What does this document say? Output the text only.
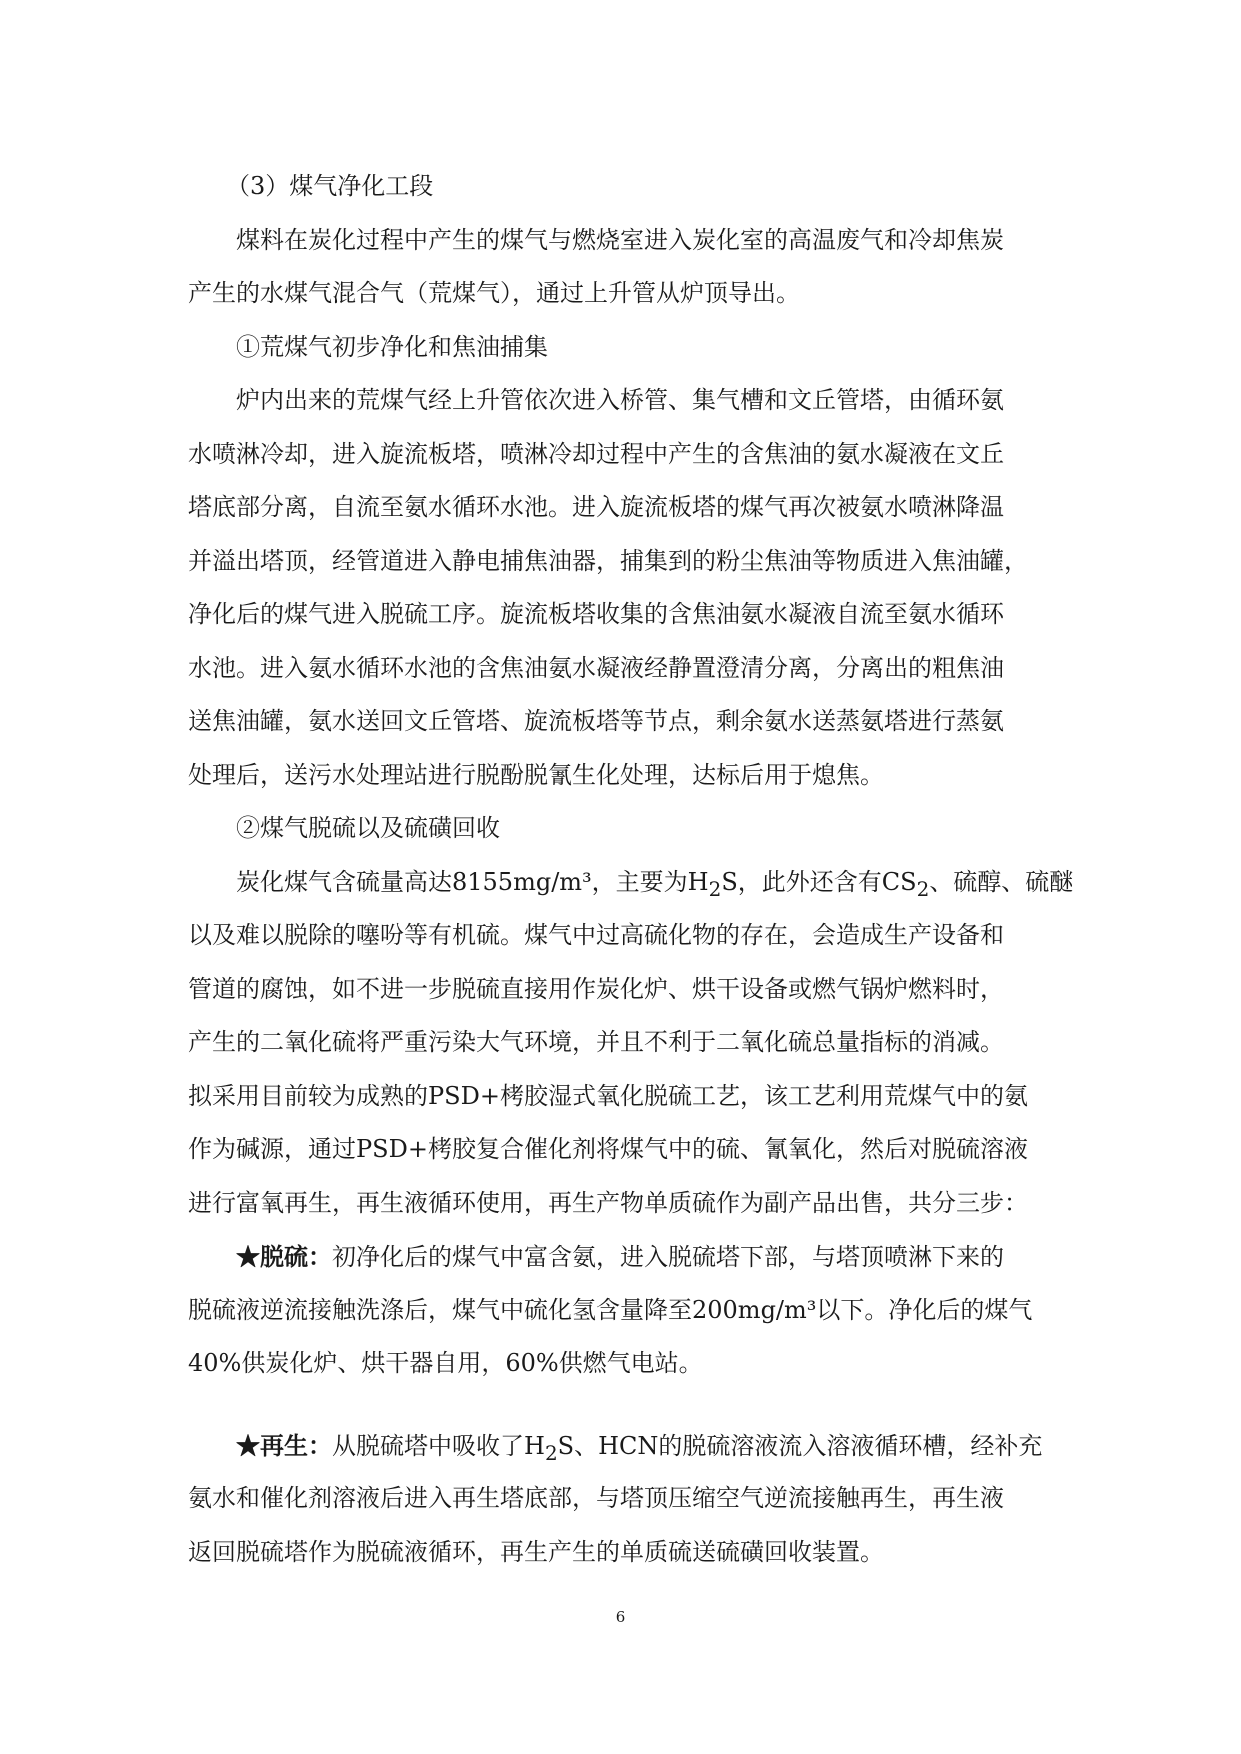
（3）煤气净化工段
煤料在炭化过程中产生的煤气与燃烧室进入炭化室的高温废气和冷却焦炭
产生的水煤气混合气（荒煤气），通过上升管从炉顶导出。
①荒煤气初步净化和焦油捕集
炉内出来的荒煤气经上升管依次进入桥管、集气槽和文丘管塔，由循环氨
水喷淋冷却，进入旋流板塔，喷淋冷却过程中产生的含焦油的氨水凝液在文丘
塔底部分离，自流至氨水循环水池。进入旋流板塔的煤气再次被氨水喷淋降温
并溢出塔顶，经管道进入静电捕焦油器，捕集到的粉尘焦油等物质进入焦油罐，
净化后的煤气进入脱硫工序。旋流板塔收集的含焦油氨水凝液自流至氨水循环
水池。进入氨水循环水池的含焦油氨水凝液经静置澄清分离，分离出的粗焦油
送焦油罐，氨水送回文丘管塔、旋流板塔等节点，剩余氨水送蒸氨塔进行蒸氨
处理后，送污水处理站进行脱酚脱氰生化处理，达标后用于熄焦。
②煤气脱硫以及硫磺回收
炭化煤气含硫量高达8155mg/m³，主要为$H_2S$，此外还含有$CS_2$、硫醇、硫醚
以及难以脱除的噻吩等有机硫。煤气中过高硫化物的存在，会造成生产设备和
管道的腐蚀，如不进一步脱硫直接用作炭化炉、烘干设备或燃气锅炉燃料时，
产生的二氧化硫将严重污染大气环境，并且不利于二氧化硫总量指标的消减。
拟采用目前较为成熟的PSD+栲胶湿式氧化脱硫工艺，该工艺利用荒煤气中的氨
作为碱源，通过PSD+栲胶复合催化剂将煤气中的硫、氰氧化，然后对脱硫溶液
进行富氧再生，再生液循环使用，再生产物单质硫作为副产品出售，共分三步：
★脱硫：初净化后的煤气中富含氨，进入脱硫塔下部，与塔顶喷淋下来的
脱硫液逆流接触洗涤后，煤气中硫化氢含量降至200mg/m³以下。净化后的煤气
40%供炭化炉、烘干器自用，60%供燃气电站。
★再生：从脱硫塔中吸收了$H_2S$、HCN的脱硫溶液流入溶液循环槽，经补充
氨水和催化剂溶液后进入再生塔底部，与塔顶压缩空气逆流接触再生，再生液
返回脱硫塔作为脱硫液循环，再生产生的单质硫送硫磺回收装置。
6
